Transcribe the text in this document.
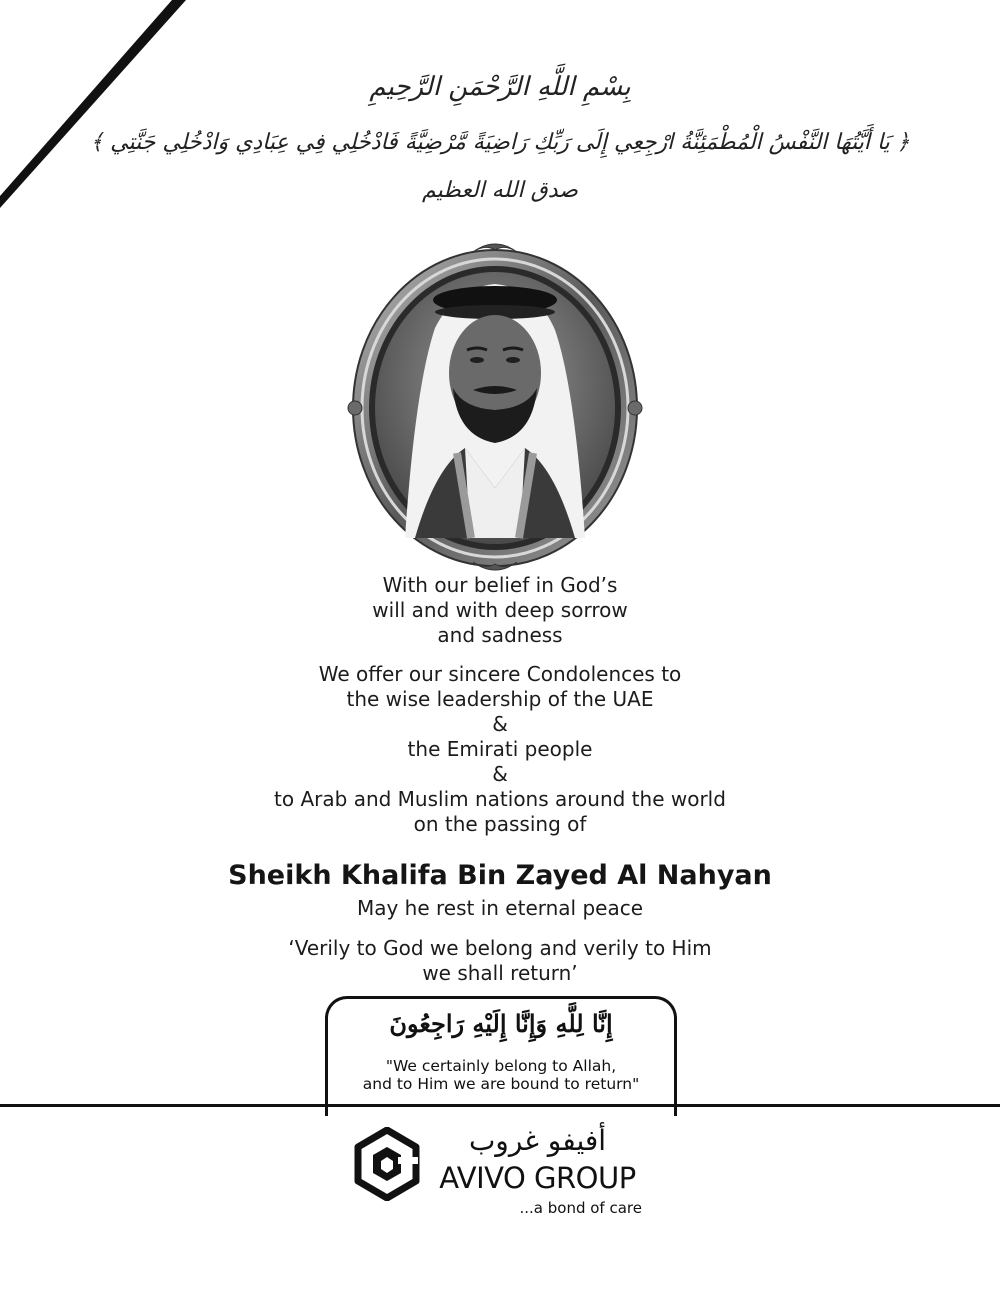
بِسْمِ اللَّهِ الرَّحْمَنِ الرَّحِيمِ
﴿ يَا أَيَّتُهَا النَّفْسُ الْمُطْمَئِنَّةُ ارْجِعِي إِلَى رَبِّكِ رَاضِيَةً مَّرْضِيَّةً فَادْخُلِي فِي عِبَادِي وَادْخُلِي جَنَّتِي ﴾
صدق الله العظيم
With our belief in God’s
will and with deep sorrow
and sadness
We offer our sincere Condolences to
the wise leadership of the UAE
&
the Emirati people
&
to Arab and Muslim nations around the world
on the passing of
Sheikh Khalifa Bin Zayed Al Nahyan
May he rest in eternal peace
‘Verily to God we belong and verily to Him
we shall return’
إِنَّا لِلَّهِ وَإِنَّا إِلَيْهِ رَاجِعُونَ
"We certainly belong to Allah,
and to Him we are bound to return"
أفيفو غروب
AVIVO GROUP
...a bond of care
